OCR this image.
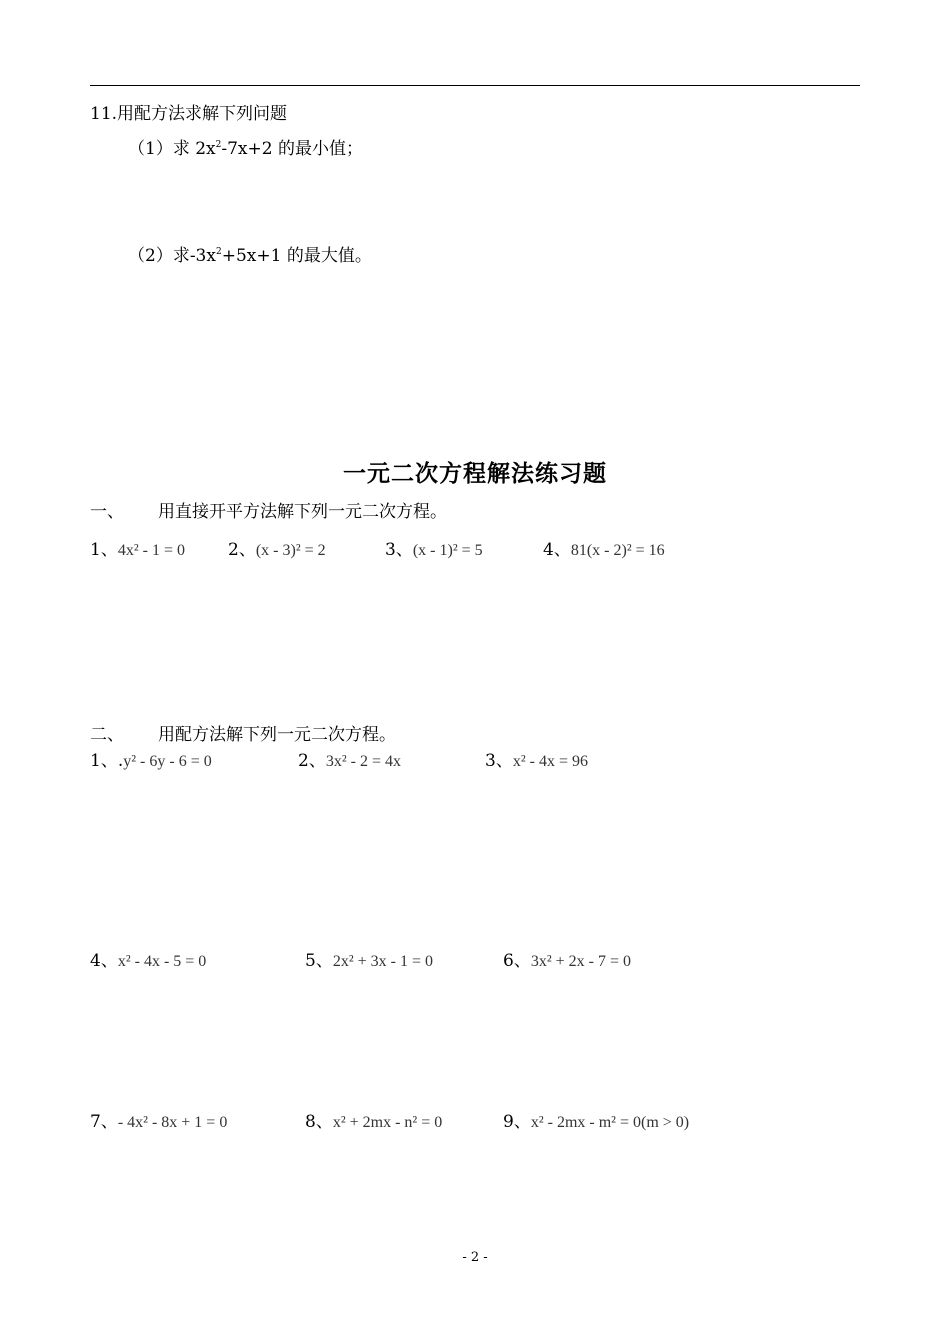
11.用配方法求解下列问题
（1）求 $2x^2-7x+2$ 的最小值；
（2）求$-3x^2+5x+1$ 的最大值。
一元二次方程解法练习题
一、 用直接开平方法解下列一元二次方程。
1、4x² - 1 = 0	2、(x - 3)² = 2	3、(x - 1)² = 5	4、81(x - 2)² = 16
二、 用配方法解下列一元二次方程。
1、.y² - 6y - 6 = 0	2、3x² - 2 = 4x	3、x² - 4x = 96
4、x² - 4x - 5 = 0	5、2x² + 3x - 1 = 0	6、3x² + 2x - 7 = 0
7、- 4x² - 8x + 1 = 0	8、x² + 2mx - n² = 0	9、x² - 2mx - m² = 0(m > 0)
- 2 -
